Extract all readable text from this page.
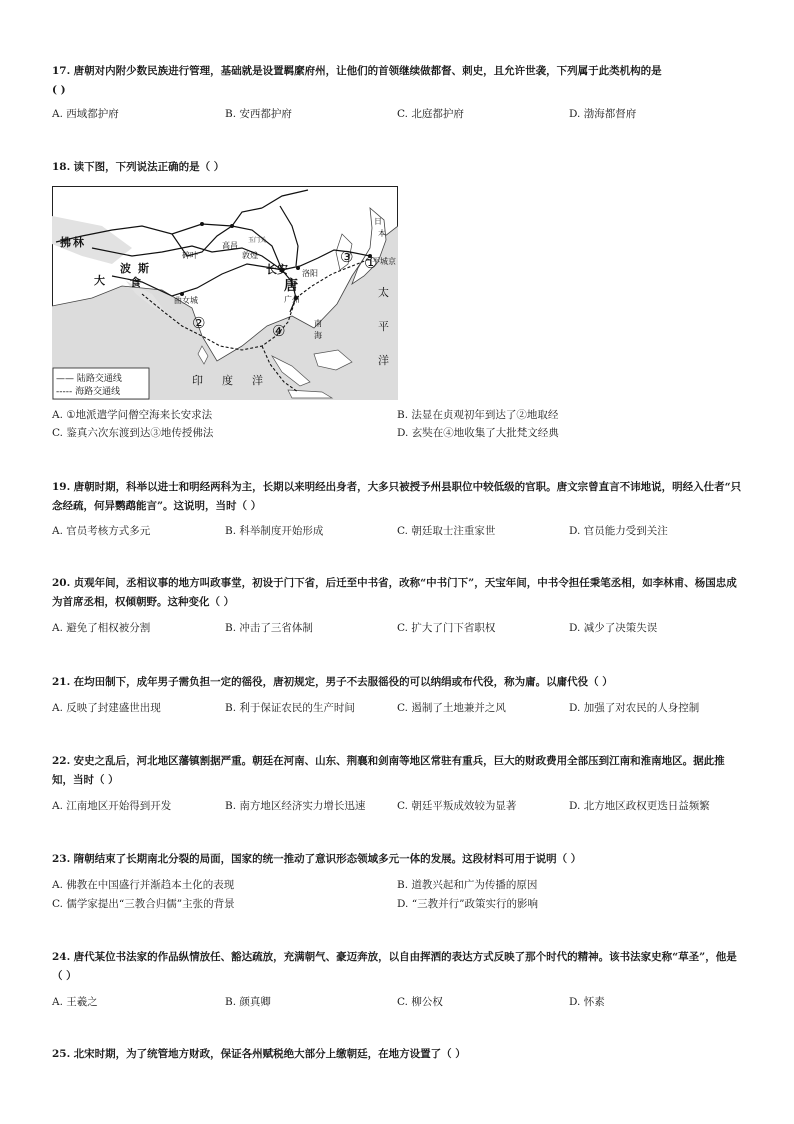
17. 唐朝对内附少数民族进行管理，基础就是设置羁縻府州，让他们的首领继续做都督、刺史，且允许世袭，下列属于此类机构的是
( )
A. 西域都护府	B. 安西都护府	C. 北庭都护府	D. 渤海都督府
18. 读下图，下列说法正确的是（ ）
拂 林
波 斯
大 食
长安
唐
曲女城
敦煌
高昌
碎叶
玉门关
洛阳
广州
平城京
日
本
南
海
太
平
洋
印 度 洋
①
②
③
④
—— 陆路交通线
----- 海路交通线
A. ①地派遣学问僧空海来长安求法	B. 法显在贞观初年到达了②地取经
C. 鉴真六次东渡到达③地传授佛法	D. 玄奘在④地收集了大批梵文经典
19. 唐朝时期，科举以进士和明经两科为主，长期以来明经出身者，大多只被授予州县职位中较低级的官职。唐文宗曾直言不讳地说，明经入仕者“只念经疏，何异鹦鹉能言”。这说明，当时（ ）
A. 官员考核方式多元	B. 科举制度开始形成	C. 朝廷取士注重家世	D. 官员能力受到关注
20. 贞观年间，丞相议事的地方叫政事堂，初设于门下省，后迁至中书省，改称“中书门下”，天宝年间，中书令担任秉笔丞相，如李林甫、杨国忠成为首席丞相，权倾朝野。这种变化（ ）
A. 避免了相权被分割	B. 冲击了三省体制	C. 扩大了门下省职权	D. 减少了决策失误
21. 在均田制下，成年男子需负担一定的徭役，唐初规定，男子不去服徭役的可以纳绢或布代役，称为庸。以庸代役（ ）
A. 反映了封建盛世出现	B. 利于保证农民的生产时间	C. 遏制了土地兼并之风	D. 加强了对农民的人身控制
22. 安史之乱后，河北地区藩镇割据严重。朝廷在河南、山东、荆襄和剑南等地区常驻有重兵，巨大的财政费用全部压到江南和淮南地区。据此推知，当时（ ）
A. 江南地区开始得到开发	B. 南方地区经济实力增长迅速	C. 朝廷平叛成效较为显著	D. 北方地区政权更迭日益频繁
23. 隋朝结束了长期南北分裂的局面，国家的统一推动了意识形态领域多元一体的发展。这段材料可用于说明（ ）
A. 佛教在中国盛行并渐趋本土化的表现	B. 道教兴起和广为传播的原因
C. 儒学家提出“三教合归儒”主张的背景	D. “三教并行”政策实行的影响
24. 唐代某位书法家的作品纵情放任、豁达疏放，充满朝气、豪迈奔放，以自由挥洒的表达方式反映了那个时代的精神。该书法家史称“草圣”，他是（ ）
A. 王羲之	B. 颜真卿	C. 柳公权	D. 怀素
25. 北宋时期，为了统管地方财政，保证各州赋税绝大部分上缴朝廷，在地方设置了（ ）
